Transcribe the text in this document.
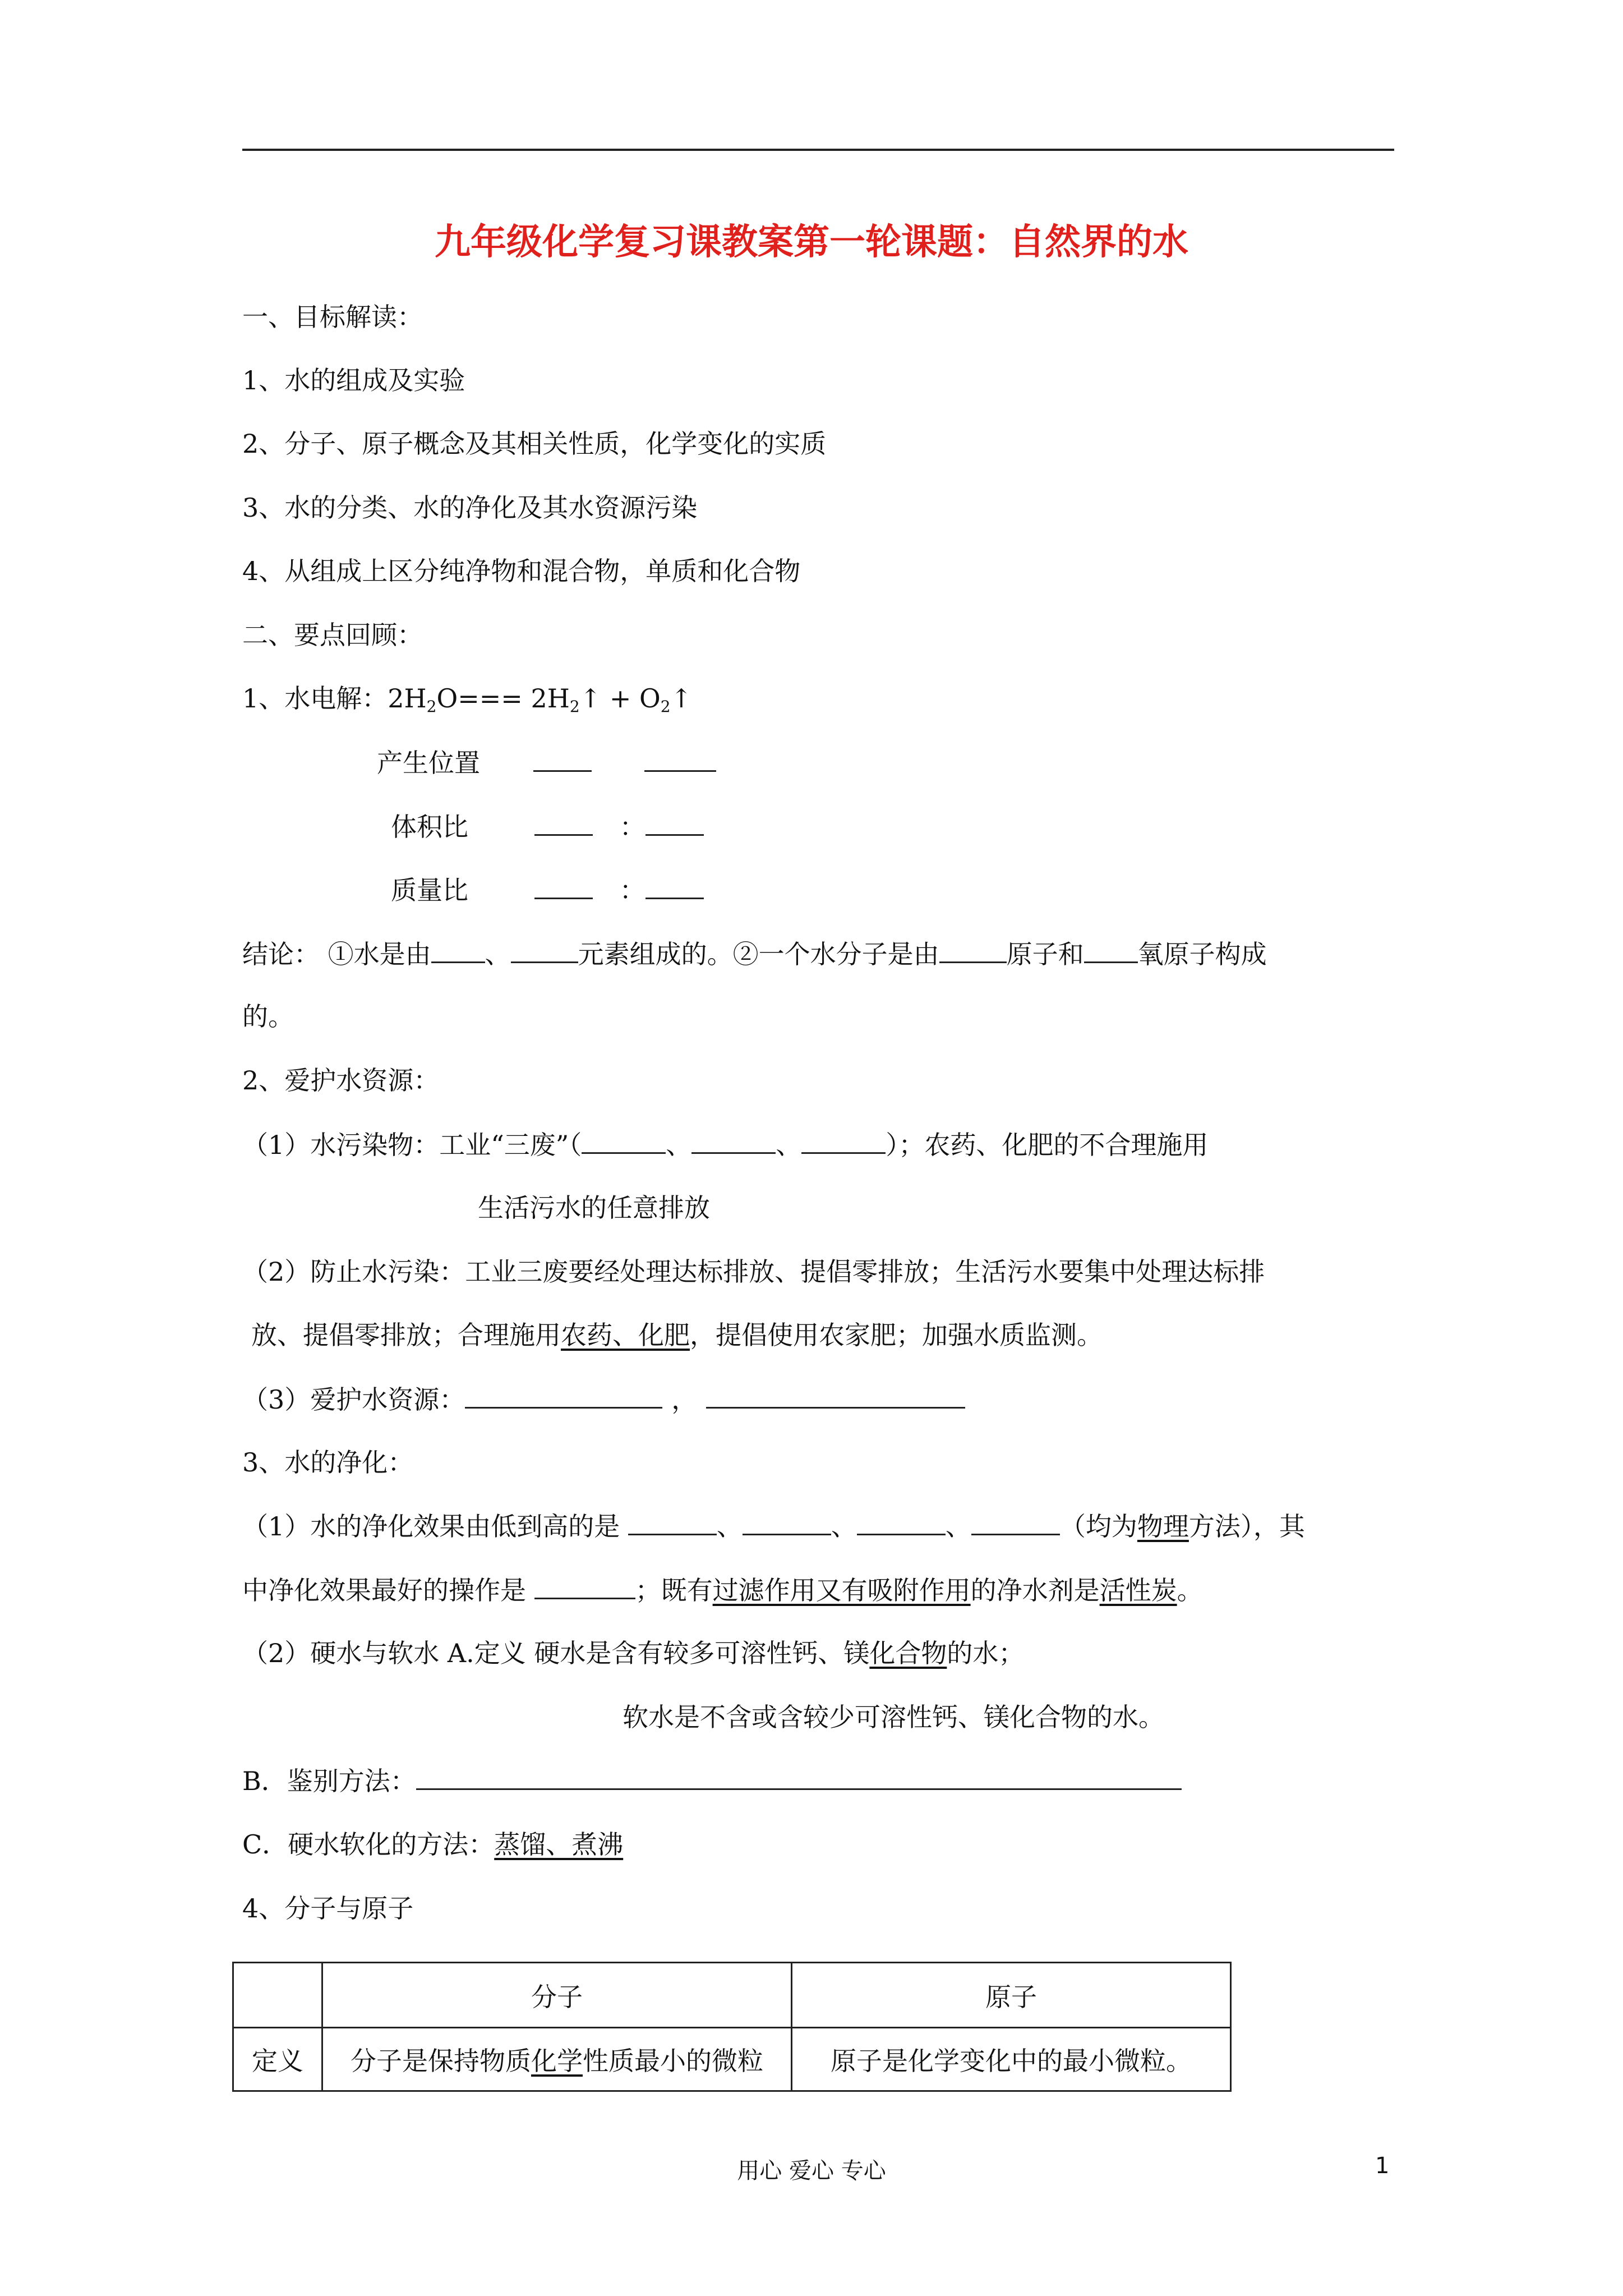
九年级化学复习课教案第一轮课题：自然界的水
一、目标解读：
1、水的组成及实验
2、分子、原子概念及其相关性质，化学变化的实质
3、水的分类、水的净化及其水资源污染
4、从组成上区分纯净物和混合物，单质和化合物
二、要点回顾：
1、水电解：$2H_2O===$ $2H_2↑$ + $O_2↑$
产生位置
体积比	：
质量比	：
结论： ①水是由 、	元素组成的。②一个水分子是由	原子和 氧原子构成
的。
2、爱护水资源：
（1）水污染物：工业“三废”（	、	、	）；农药、化肥的不合理施用
生活污水的任意排放
（2）防止水污染：工业三废要经处理达标排放、提倡零排放；生活污水要集中处理达标排
放、提倡零排放；合理施用农药、化肥，提倡使用农家肥；加强水质监测。
（3）爱护水资源：	，
3、水的净化：
（1）水的净化效果由低到高的是	、	、	、	（均为物理方法），其
中净化效果最好的操作是	；既有过滤作用又有吸附作用的净水剂是活性炭。
（2）硬水与软水 A.定义 硬水是含有较多可溶性钙、镁化合物的水；
软水是不含或含较少可溶性钙、镁化合物的水。
B．鉴别方法：
C．硬水软化的方法：蒸馏、煮沸
4、分子与原子
	分子	原子
定义	分子是保持物质化学性质最小的微粒	原子是化学变化中的最小微粒。
用心 爱心 专心	1
